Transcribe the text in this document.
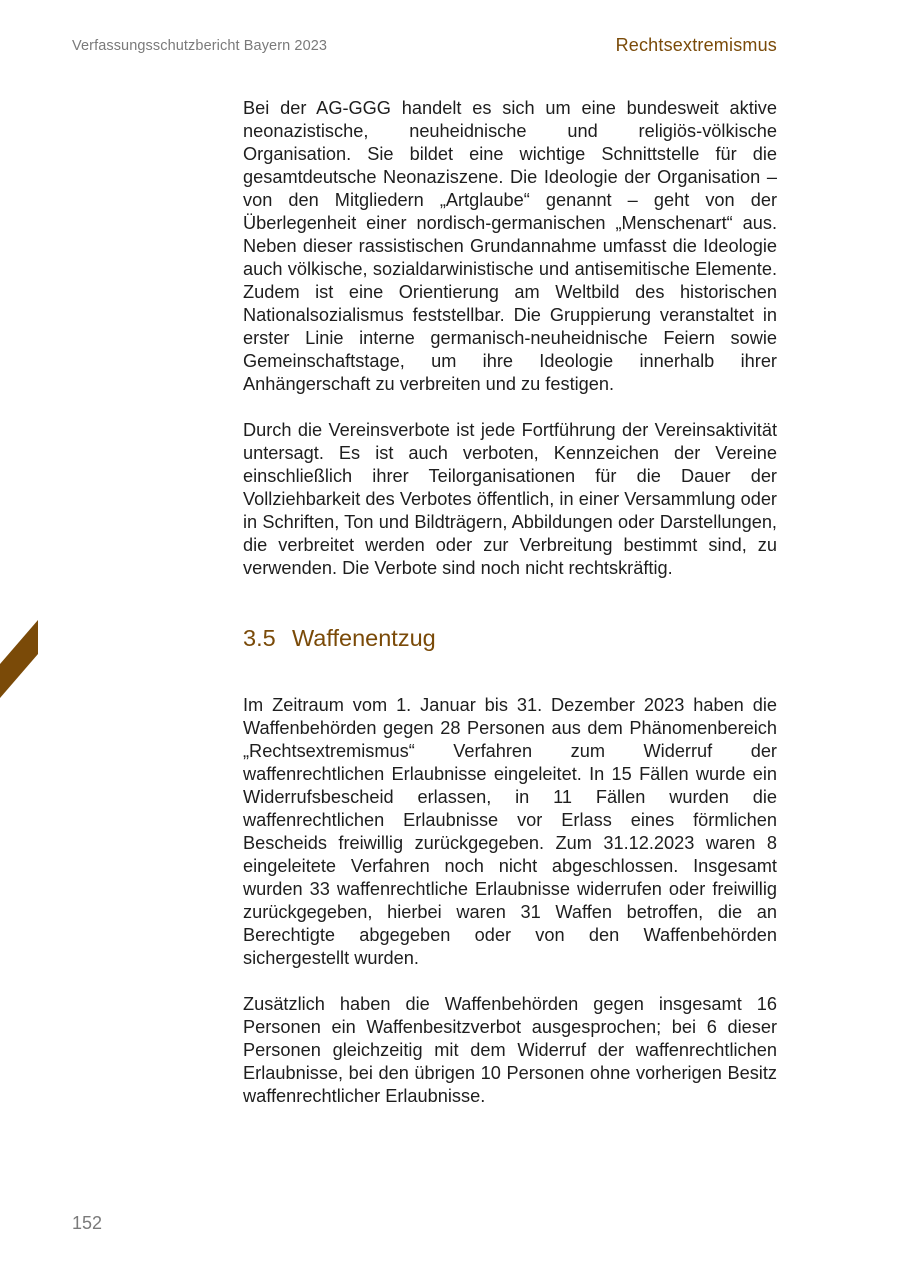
Verfassungsschutzbericht Bayern 2023	Rechtsextremismus

Bei der AG-GGG handelt es sich um eine bundesweit aktive neonazistische, neuheidnische und religiös-völkische Organisation. Sie bildet eine wichtige Schnittstelle für die gesamtdeutsche Neonaziszene. Die Ideologie der Organisation – von den Mitgliedern „Artglaube“ genannt – geht von der Überlegenheit einer nordisch-germanischen „Menschenart“ aus. Neben dieser rassistischen Grundannahme umfasst die Ideologie auch völkische, sozialdarwinistische und antisemitische Elemente. Zudem ist eine Orientierung am Weltbild des historischen Nationalsozialismus feststellbar. Die Gruppierung veranstaltet in erster Linie interne germanisch-neuheidnische Feiern sowie Gemeinschaftstage, um ihre Ideologie innerhalb ihrer Anhängerschaft zu verbreiten und zu festigen.

Durch die Vereinsverbote ist jede Fortführung der Vereinsaktivität untersagt. Es ist auch verboten, Kennzeichen der Vereine einschließlich ihrer Teilorganisationen für die Dauer der Vollziehbarkeit des Verbotes öffentlich, in einer Versammlung oder in Schriften, Ton und Bildträgern, Abbildungen oder Darstellungen, die verbreitet werden oder zur Verbreitung bestimmt sind, zu verwenden. Die Verbote sind noch nicht rechtskräftig.

3.5 Waffenentzug

Im Zeitraum vom 1. Januar bis 31. Dezember 2023 haben die Waffenbehörden gegen 28 Personen aus dem Phänomenbereich „Rechtsextremismus“ Verfahren zum Widerruf der waffenrechtlichen Erlaubnisse eingeleitet. In 15 Fällen wurde ein Widerrufsbescheid erlassen, in 11 Fällen wurden die waffenrechtlichen Erlaubnisse vor Erlass eines förmlichen Bescheids freiwillig zurückgegeben. Zum 31.12.2023 waren 8 eingeleitete Verfahren noch nicht abgeschlossen. Insgesamt wurden 33 waffenrechtliche Erlaubnisse widerrufen oder freiwillig zurückgegeben, hierbei waren 31 Waffen betroffen, die an Berechtigte abgegeben oder von den Waffenbehörden sichergestellt wurden.

Zusätzlich haben die Waffenbehörden gegen insgesamt 16 Personen ein Waffenbesitzverbot ausgesprochen; bei 6 dieser Personen gleichzeitig mit dem Widerruf der waffenrechtlichen Erlaubnisse, bei den übrigen 10 Personen ohne vorherigen Besitz waffenrechtlicher Erlaubnisse.

152
